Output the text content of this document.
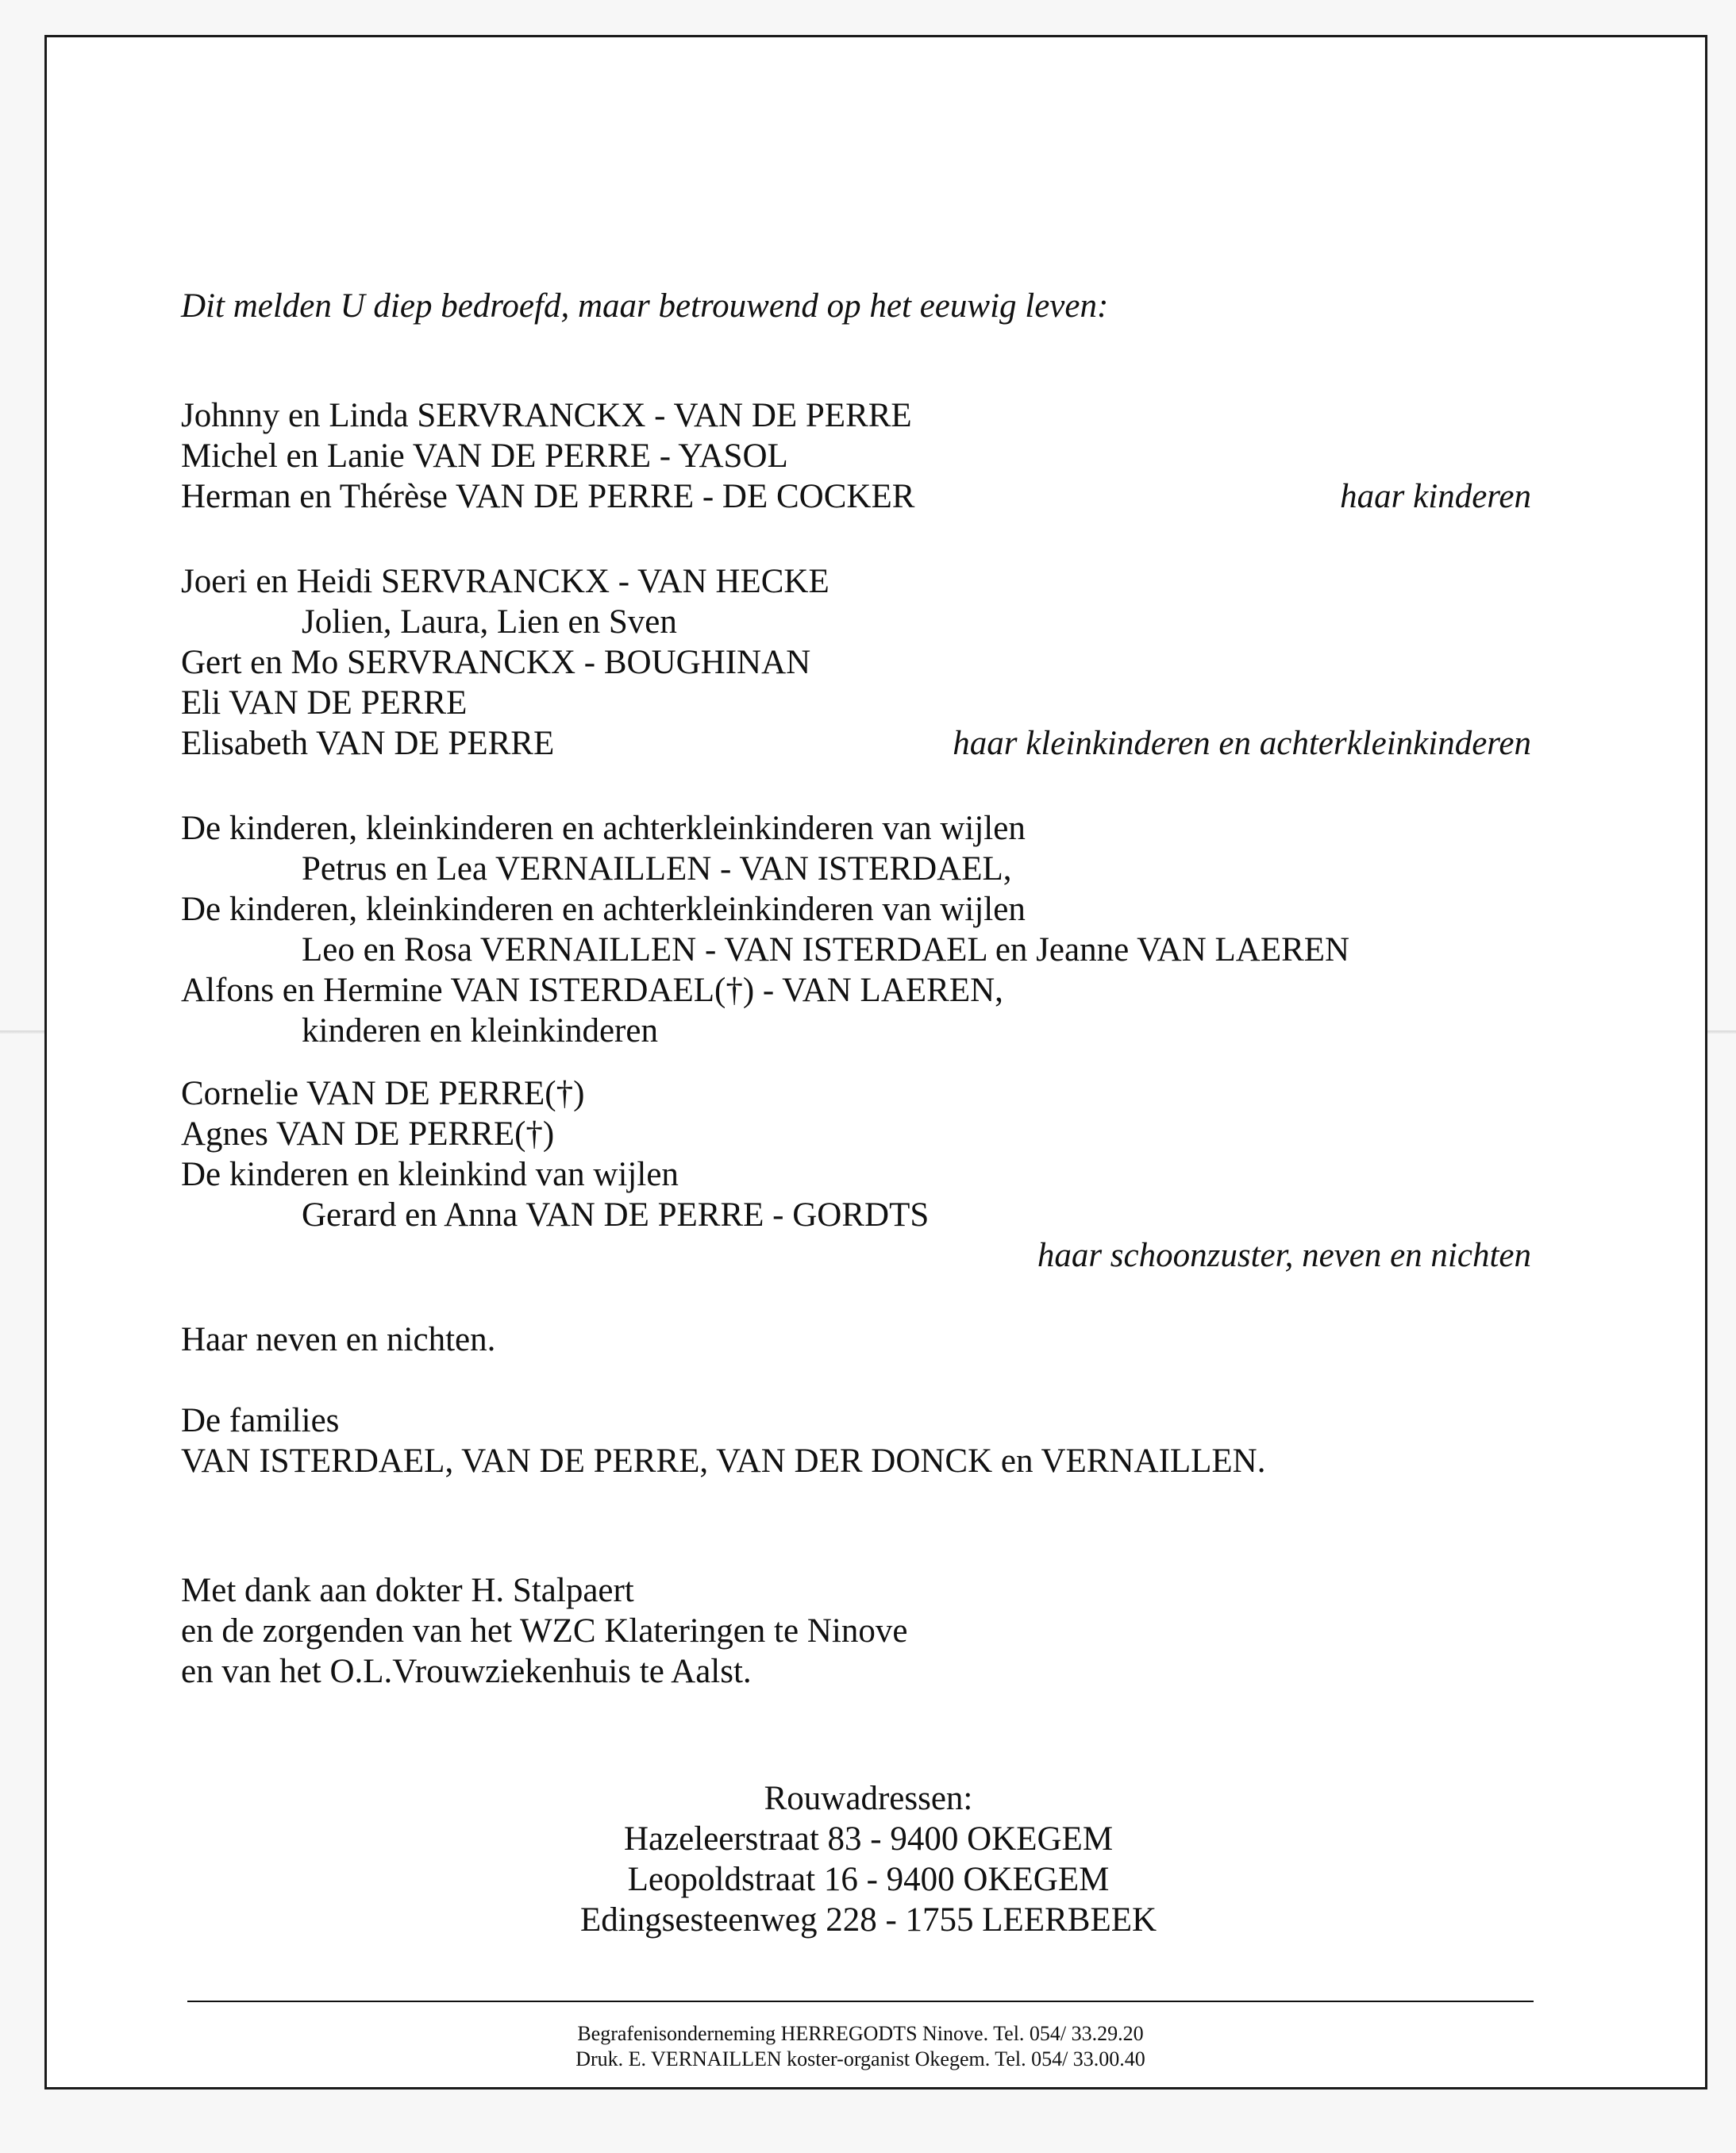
Dit melden U diep bedroefd, maar betrouwend op het eeuwig leven:
Johnny en Linda SERVRANCKX - VAN DE PERRE
Michel en Lanie VAN DE PERRE - YASOL
Herman en Thérèse VAN DE PERRE - DE COCKER	haar kinderen
Joeri en Heidi SERVRANCKX - VAN HECKE
Jolien, Laura, Lien en Sven
Gert en Mo SERVRANCKX - BOUGHINAN
Eli VAN DE PERRE
Elisabeth VAN DE PERRE	haar kleinkinderen en achterkleinkinderen
De kinderen, kleinkinderen en achterkleinkinderen van wijlen
Petrus en Lea VERNAILLEN - VAN ISTERDAEL,
De kinderen, kleinkinderen en achterkleinkinderen van wijlen
Leo en Rosa VERNAILLEN - VAN ISTERDAEL en Jeanne VAN LAEREN
Alfons en Hermine VAN ISTERDAEL(†) - VAN LAEREN,
kinderen en kleinkinderen
Cornelie VAN DE PERRE(†)
Agnes VAN DE PERRE(†)
De kinderen en kleinkind van wijlen
Gerard en Anna VAN DE PERRE - GORDTS
haar schoonzuster, neven en nichten
Haar neven en nichten.
De families
VAN ISTERDAEL, VAN DE PERRE, VAN DER DONCK en VERNAILLEN.
Met dank aan dokter H. Stalpaert
en de zorgenden van het WZC Klateringen te Ninove
en van het O.L.Vrouwziekenhuis te Aalst.
Rouwadressen:
Hazeleerstraat 83 - 9400 OKEGEM
Leopoldstraat 16 - 9400 OKEGEM
Edingsesteenweg 228 - 1755 LEERBEEK
Begrafenisonderneming HERREGODTS Ninove. Tel. 054/ 33.29.20
Druk. E. VERNAILLEN koster-organist Okegem. Tel. 054/ 33.00.40
